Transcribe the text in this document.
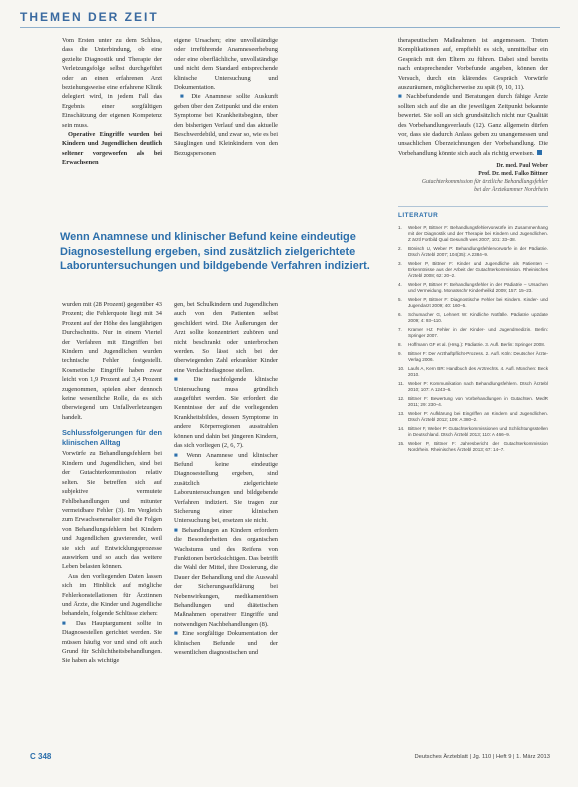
THEMEN DER ZEIT

Vom Ersten unter zu dem Schluss, dass die Unterbindung, ob eine gezielte Diagnostik und Therapie der Verletzungsfolge selbst durchgeführt oder an einen erfahrenen Arzt beziehungsweise eine erfahrene Klinik delegiert wird, in jedem Fall das Ergebnis einer sorgfältigen Einschätzung der eigenen Kompetenz sein muss.

Operative Eingriffe wurden bei Kindern und Jugendlichen deutlich seltener vorgeworfen als bei Erwachsenen

eigene Ursachen; eine unvollständige oder irreführende Anamneseerhebung oder eine oberflächliche, unvollständige und nicht dem Standard entsprechende klinische Untersuchung und Dokumentation.

■ Die Anamnese sollte Auskunft geben über den Zeitpunkt und die ersten Symptome bei Krankheitsbeginn, über den bisherigen Verlauf und das aktuelle Beschwerdebild, und zwar so, wie es bei Säuglingen und Kleinkindern von den Bezugspersonen

therapeutischen Maßnahmen ist angemessen. Treten Komplikationen auf, empfiehlt es sich, unmittelbar ein Gespräch mit den Eltern zu führen. Dabei sind bereits nach entsprechender Vorbefunde angeben, können der Versuch, durch ein klärendes Gespräch Vorwürfe auszuräumen, möglicherweise zu spät (9, 10, 11).

■ Nachbefundende und Beratungen durch fähige Ärzte sollten sich auf die an die jeweiligen Zeitpunkt bekannte bewertet. Sie soll an sich grundsätzlich nicht nur Qualität des Vorbehandlungsverlaufs (12). Ganz allgemein dürfen vor, dass sie dadurch Anlass geben zu unangemessen und unsachlichen Überzeichnungen der Vorbehandlung. Die Vorbehandlung könnte sich auch als richtig erweisen.

Dr. med. Paul Weber
Prof. Dr. med. Falko Bittner
Gutachterkommission für ärztliche Behandlungsfehler
bei der Ärztekammer Nordrhein
LITERATUR
1.	Weber P, Bittner F: Behandlungsfehlervorwürfe im Zusammenhang mit der Diagnostik und der Therapie bei Kindern und Jugendlichen. Z ärztl Fortbild Qual Gesundh wes 2007; 101: 33–38.
2.	Bönisch U, Weber P: Behandlungsfehlervorwürfe in der Pädiatrie. Dtsch Ärztebl 2007; 104(35): A 2384–9.
3.	Weber P, Bittner F: Kinder und Jugendliche als Patienten – Erkenntnisse aus der Arbeit der Gutachterkommission. Rheinisches Ärztebl 2008; 62: 20–2.
4.	Weber P, Bittner F: Behandlungsfehler in der Pädiatrie – Ursachen und Vermeidung. Monatsschr Kinderheilkd 2009; 157: 15–23.
5.	Weber P, Bittner F: Diagnostische Fehler bei Kindern. Kinder- und Jugendarzt 2009; 40: 160–5.
6.	Schumacher G, Lehnert W: Kindliche Notfälle. Pädiatrie up2date 2009; 4: 93–110.
7.	Kramer HJ: Fehler in der Kinder- und Jugendmedizin. Berlin: Springer 2007.
8.	Hoffmann GF et al. (Hrsg.): Pädiatrie. 3. Aufl. Berlin: Springer 2008.
9.	Bittner F: Der Arzthaftpflicht-Prozess. 2. Aufl. Köln: Deutscher Ärzte-Verlag 2006.
10. Laufs A, Kern BR: Handbuch des Arztrechts. 4. Aufl. München: Beck 2010.
11. Weber P: Kommunikation nach Behandlungsfehlern. Dtsch Ärztebl 2010; 107: A 1243–6.
12. Bittner F: Bewertung von Vorbehandlungen in Gutachten. MedR 2011; 29: 230–4.
13. Weber P: Aufklärung bei Eingriffen an Kindern und Jugendlichen. Dtsch Ärztebl 2012; 109: A 380–2.
14. Bittner F, Weber P: Gutachterkommissionen und Schlichtungsstellen in Deutschland. Dtsch Ärztebl 2013; 110: A 466–9.
15. Weber P, Bittner F: Jahresbericht der Gutachterkommission Nordrhein. Rheinisches Ärztebl 2013; 67: 14–7.
Wenn Anamnese und klinischer Befund keine eindeutige Diagnosestellung ergeben, sind zusätzlich zielgerichtete Laboruntersuchungen und bildgebende Verfahren indiziert.

wurden mit (28 Prozent) gegenüber 43 Prozent; die Fehlerquote liegt mit 34 Prozent auf der Höhe des langjährigen Durchschnitts. Nur in einem Viertel der Verfahren mit Eingriffen bei Kindern und Jugendlichen wurden technische Fehler festgestellt. Kosmetische Eingriffe haben zwar leicht von 1,9 Prozent auf 3,4 Prozent zugenommen, spielen aber dennoch keine wesentliche Rolle, da es sich überwiegend um Unfallverletzungen handelt.

Schlussfolgerungen für den klinischen Alltag

Vorwürfe zu Behandlungsfehlern bei Kindern und Jugendlichen, sind bei der Gutachterkommission relativ selten. Sie betreffen sich auf subjektive vermutete Fehlbehandlungen und mitunter vermeidbare Fehler (3). Im Vergleich zum Erwachsenenalter sind die Folgen von Behandlungsfehlern bei Kindern und Jugendlichen gravierender, weil sie sich auf Entwicklungsprozesse auswirken und so auch das weitere Leben belasten können.

Aus den vorliegenden Daten lassen sich im Hinblick auf mögliche Fehlerkonstellationen für Ärztinnen und Ärzte, die Kinder und Jugendliche behandeln, folgende Schlüsse ziehen:

■ Das Hauptargument sollte in Diagnosestellen gerichtet werden. Sie müssen häufig vor und sind oft auch Grund für Schlichtheitsbehandlungen. Sie haben als wichtige

gen, bei Schulkindern und Jugendlichen auch von den Patienten selbst geschildert wird. Die Äußerungen der Arzt sollte konzentriert zuhören und nicht beschrankt oder unterbrochen werden. So lässt sich bei der überwiegenden Zahl erkrankter Kinder eine Verdachtsdiagnose stellen.

■ Die nachfolgende klinische Untersuchung muss gründlich ausgeführt werden. Sie erfordert die Kenntnisse der auf die vorliegenden Krankheitsbildes, dessen Symptome in andere Körperregionen ausstrahlen können und dahin bei jüngeren Kindern, das sich vorliegen (2, 6, 7).

■ Wenn Anamnese und klinischer Befund keine eindeutige Diagnosestellung ergeben, sind zusätzlich zielgerichtete Laboruntersuchungen und bildgebende Verfahren indiziert. Sie tragen zur Sicherung einer klinischen Untersuchung bei, ersetzen sie nicht.

■ Behandlungen an Kindern erfordern die Besonderheiten des organischen Wachstums und des Reifens von Funktionen berücksichtigen. Das betrifft die Wahl der Mittel, ihre Dosierung, die Dauer der Behandlung und die Auswahl der Sicherungsaufklärung bei Nebenwirkungen, medikamentösen Behandlungen und diätetischen Maßnahmen operativer Eingriffe und notwendigen Nachbehandlungen (8).

■ Eine sorgfältige Dokumentation der klinischen Befunde und der wesentlichen diagnostischen und

C 348	Deutsches Ärzteblatt | Jg. 110 | Heft 9 | 1. März 2013
